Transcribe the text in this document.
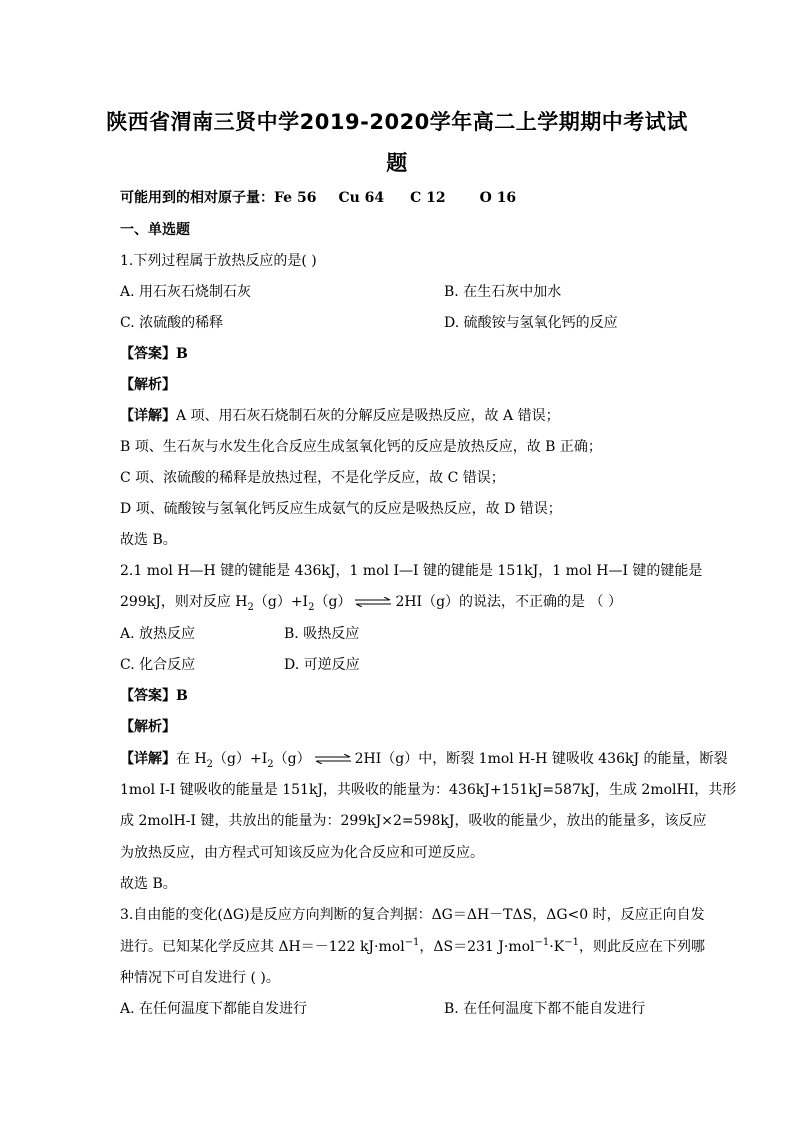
陕西省渭南三贤中学2019-2020学年高二上学期期中考试试
题
可能用到的相对原子量：Fe 56 Cu 64 C 12 O 16
一、单选题
1.下列过程属于放热反应的是( )
A. 用石灰石烧制石灰	B. 在生石灰中加水
C. 浓硫酸的稀释	D. 硫酸铵与氢氧化钙的反应
【答案】B
【解析】
【详解】A 项、用石灰石烧制石灰的分解反应是吸热反应，故 A 错误；
B 项、生石灰与水发生化合反应生成氢氧化钙的反应是放热反应，故 B 正确；
C 项、浓硫酸的稀释是放热过程，不是化学反应，故 C 错误；
D 项、硫酸铵与氢氧化钙反应生成氨气的反应是吸热反应，故 D 错误；
故选 B。
2.1 mol H—H 键的键能是 436kJ，1 mol I—I 键的键能是 151kJ，1 mol H—I 键的键能是
299kJ，则对反应 $H_2(g)+I_2(g)$ ⇌ 2HI（g）的说法，不正确的是 （ ）
A. 放热反应	B. 吸热反应
C. 化合反应	D. 可逆反应
【答案】B
【解析】
【详解】在 $H_2(g)+I_2(g)$ ⇌ 2HI（g）中，断裂 1mol H-H 键吸收 436kJ 的能量，断裂
1mol I-I 键吸收的能量是 151kJ，共吸收的能量为：436kJ+151kJ=587kJ，生成 2molHI，共形
成 2molH-I 键，共放出的能量为：299kJ×2=598kJ，吸收的能量少，放出的能量多，该反应
为放热反应，由方程式可知该反应为化合反应和可逆反应。
故选 B。
3.自由能的变化(ΔG)是反应方向判断的复合判据：ΔG＝ΔH－TΔS，ΔG<0 时，反应正向自发
进行。已知某化学反应其 ΔH＝－122 kJ·mol$^{-1}$，ΔS＝231 $J\cdot mol^{-1}\cdot K^{-1}$，则此反应在下列哪
种情况下可自发进行 ( )。
A. 在任何温度下都能自发进行	B. 在任何温度下都不能自发进行
